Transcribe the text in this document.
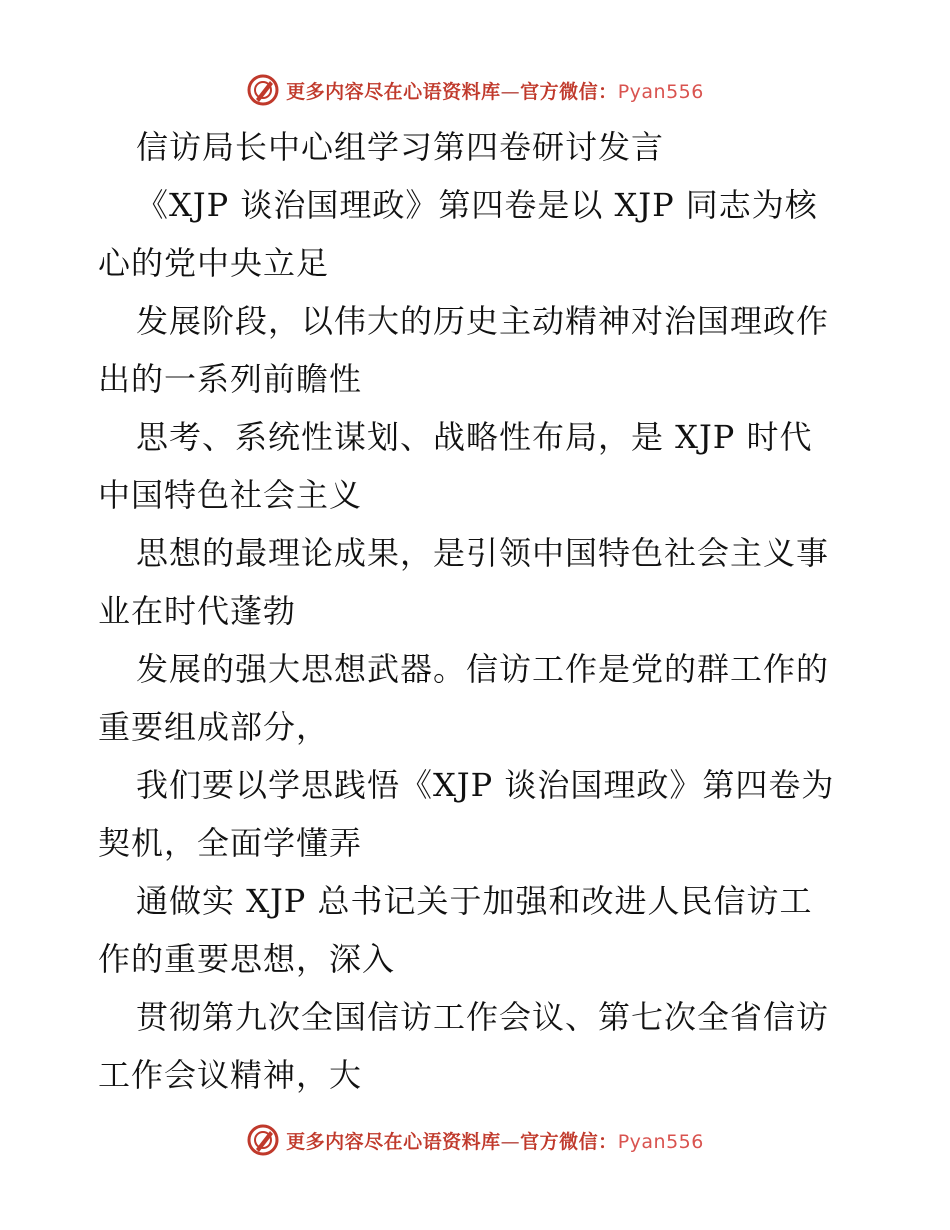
更多内容尽在心语资料库—官方微信：Pyan556
信访局长中心组学习第四卷研讨发言
《XJP 谈治国理政》第四卷是以 XJP 同志为核
心的党中央立足
发展阶段，以伟大的历史主动精神对治国理政作
出的一系列前瞻性
思考、系统性谋划、战略性布局，是 XJP 时代
中国特色社会主义
思想的最理论成果，是引领中国特色社会主义事
业在时代蓬勃
发展的强大思想武器。信访工作是党的群工作的
重要组成部分，
我们要以学思践悟《XJP 谈治国理政》第四卷为
契机，全面学懂弄
通做实 XJP 总书记关于加强和改进人民信访工
作的重要思想，深入
贯彻第九次全国信访工作会议、第七次全省信访
工作会议精神，大
更多内容尽在心语资料库—官方微信：Pyan556
